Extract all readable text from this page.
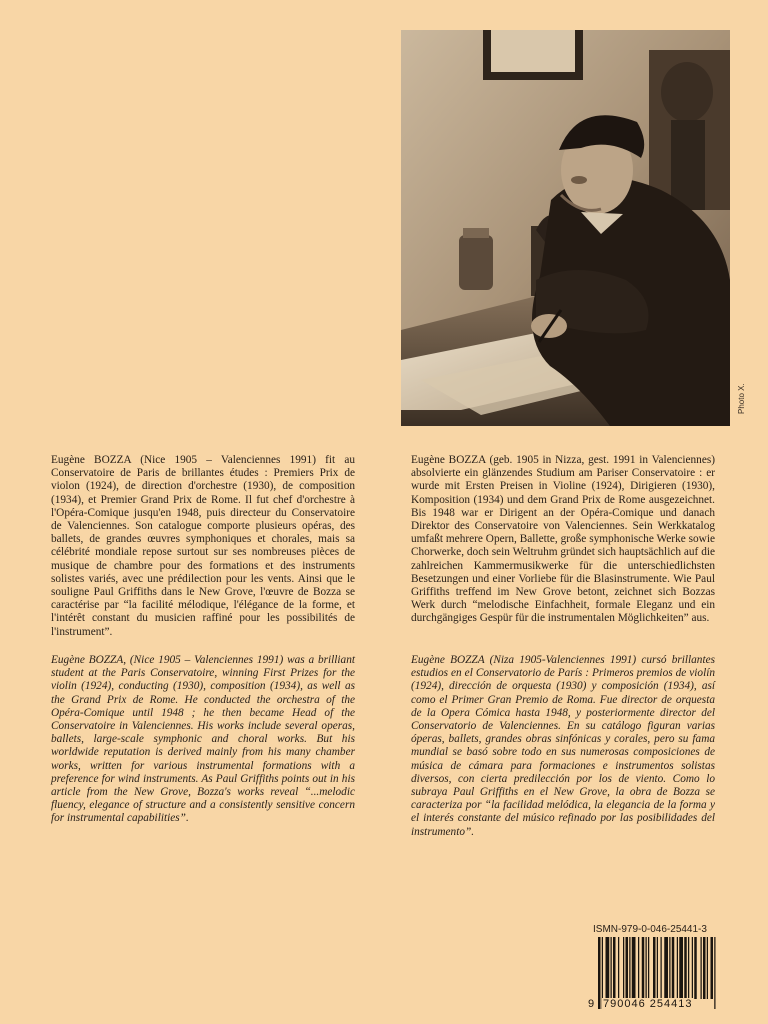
Photo X.

Eugène BOZZA (Nice 1905 – Valenciennes 1991) fit au Conservatoire de Paris de brillantes études : Premiers Prix de violon (1924), de direction d'orchestre (1930), de composition (1934), et Premier Grand Prix de Rome. Il fut chef d'orchestre à l'Opéra-Comique jusqu'en 1948, puis directeur du Conservatoire de Valenciennes. Son catalogue comporte plusieurs opéras, des ballets, de grandes œuvres symphoniques et chorales, mais sa célébrité mondiale repose surtout sur ses nombreuses pièces de musique de chambre pour des formations et des instruments solistes variés, avec une prédilection pour les vents. Ainsi que le souligne Paul Griffiths dans le New Grove, l'œuvre de Bozza se caractérise par “la facilité mélodique, l'élégance de la forme, et l'intérêt constant du musicien raffiné pour les possibilités de l'instrument”.

Eugène BOZZA, (Nice 1905 – Valenciennes 1991) was a brilliant student at the Paris Conservatoire, winning First Prizes for the violin (1924), conducting (1930), composition (1934), as well as the Grand Prix de Rome. He conducted the orchestra of the Opéra-Comique until 1948 ; he then became Head of the Conservatoire in Valenciennes. His works include several operas, ballets, large-scale symphonic and choral works. But his worldwide reputation is derived mainly from his many chamber works, written for various instrumental formations with a preference for wind instruments. As Paul Griffiths points out in his article from the New Grove, Bozza's works reveal “...melodic fluency, elegance of structure and a consistently sensitive concern for instrumental capabilities”.

Eugène BOZZA (geb. 1905 in Nizza, gest. 1991 in Valenciennes) absolvierte ein glänzendes Studium am Pariser Conservatoire : er wurde mit Ersten Preisen in Violine (1924), Dirigieren (1930), Komposition (1934) und dem Grand Prix de Rome ausgezeichnet. Bis 1948 war er Dirigent an der Opéra-Comique und danach Direktor des Conservatoire von Valenciennes. Sein Werkkatalog umfaßt mehrere Opern, Ballette, große symphonische Werke sowie Chorwerke, doch sein Weltruhm gründet sich hauptsächlich auf die zahlreichen Kammermusikwerke für die unterschiedlichsten Besetzungen und einer Vorliebe für die Blasinstrumente. Wie Paul Griffiths treffend im New Grove betont, zeichnet sich Bozzas Werk durch “melodische Einfachheit, formale Eleganz und ein durchgängiges Gespür für die instrumentalen Möglichkeiten” aus.

Eugène BOZZA (Niza 1905-Valenciennes 1991) cursó brillantes estudios en el Conservatorio de París : Primeros premios de violín (1924), dirección de orquesta (1930) y composición (1934), así como el Primer Gran Premio de Roma. Fue director de orquesta de la Opera Cómica hasta 1948, y posteriormente director del Conservatorio de Valenciennes. En su catálogo figuran varias óperas, ballets, grandes obras sinfónicas y corales, pero su fama mundial se basó sobre todo en sus numerosas composiciones de música de cámara para formaciones e instrumentos solistas diversos, con cierta predilección por los de viento. Como lo subraya Paul Griffiths en el New Grove, la obra de Bozza se caracteriza por “la facilidad melódica, la elegancia de la forma y el interés constante del músico refinado por las posibilidades del instrumento”.

ISMN-979-0-046-25441-3
9 790046 254413
